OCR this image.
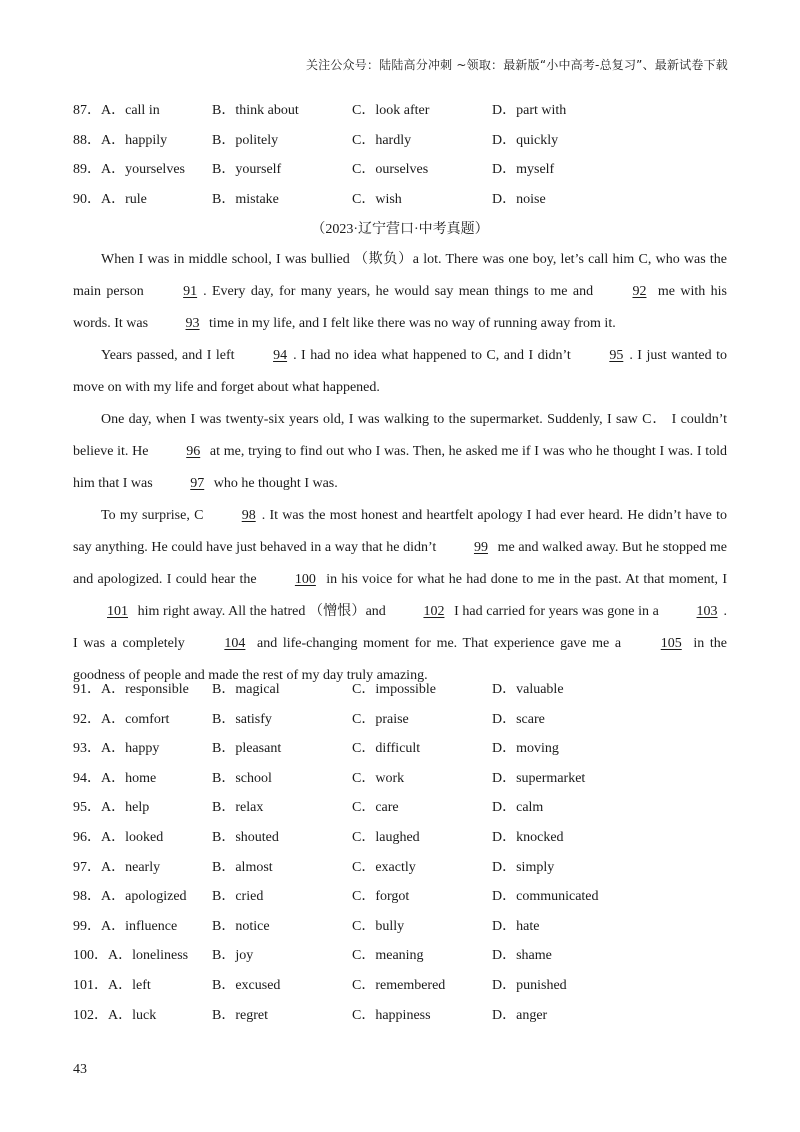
关注公众号：陆陆高分冲刺 ~领取：最新版“小中高考-总复习”、最新试卷下载
87．A．call in	B．think about	C．look after	D．part with
88．A．happily	B．politely	C．hardly	D．quickly
89．A．yourselves B．yourself	C．ourselves	D．myself
90．A．rule	B．mistake	C．wish	D．noise
（2023·辽宁营口·中考真题）

When I was in middle school, I was bullied （欺负）a lot. There was one boy, let’s call him C, who was the main person 91 . Every day, for many years, he would say mean things to me and 92 me with his words. It was 93 time in my life, and I felt like there was no way of running away from it.

Years passed, and I left 94 . I had no idea what happened to C, and I didn’t 95 . I just wanted to move on with my life and forget about what happened.

One day, when I was twenty-six years old, I was walking to the supermarket. Suddenly, I saw C． I couldn’t believe it. He 96 at me, trying to find out who I was. Then, he asked me if I was who he thought I was. I told him that I was 97 who he thought I was.

To my surprise, C 98 . It was the most honest and heartfelt apology I had ever heard. He didn’t have to say anything. He could have just behaved in a way that he didn’t 99 me and walked away. But he stopped me and apologized. I could hear the 100 in his voice for what he had done to me in the past. At that moment, I 101 him right away. All the hatred （憎恨）and 102 I had carried for years was gone in a 103 . I was a completely 104 and life-changing moment for me. That experience gave me a 105 in the goodness of people and made the rest of my day truly amazing.

91．A．responsible B．magical	C．impossible	D．valuable
92．A．comfort	B．satisfy	C．praise	D．scare
93．A．happy	B．pleasant	C．difficult	D．moving
94．A．home	B．school	C．work	D．supermarket
95．A．help	B．relax	C．care	D．calm
96．A．looked	B．shouted	C．laughed	D．knocked
97．A．nearly	B．almost	C．exactly	D．simply
98．A．apologized B．cried	C．forgot	D．communicated
99．A．influence B．notice	C．bully	D．hate
100．A．loneliness B．joy	C．meaning	D．shame
101．A．left	B．excused	C．remembered	D．punished
102．A．luck	B．regret	C．happiness	D．anger
43
